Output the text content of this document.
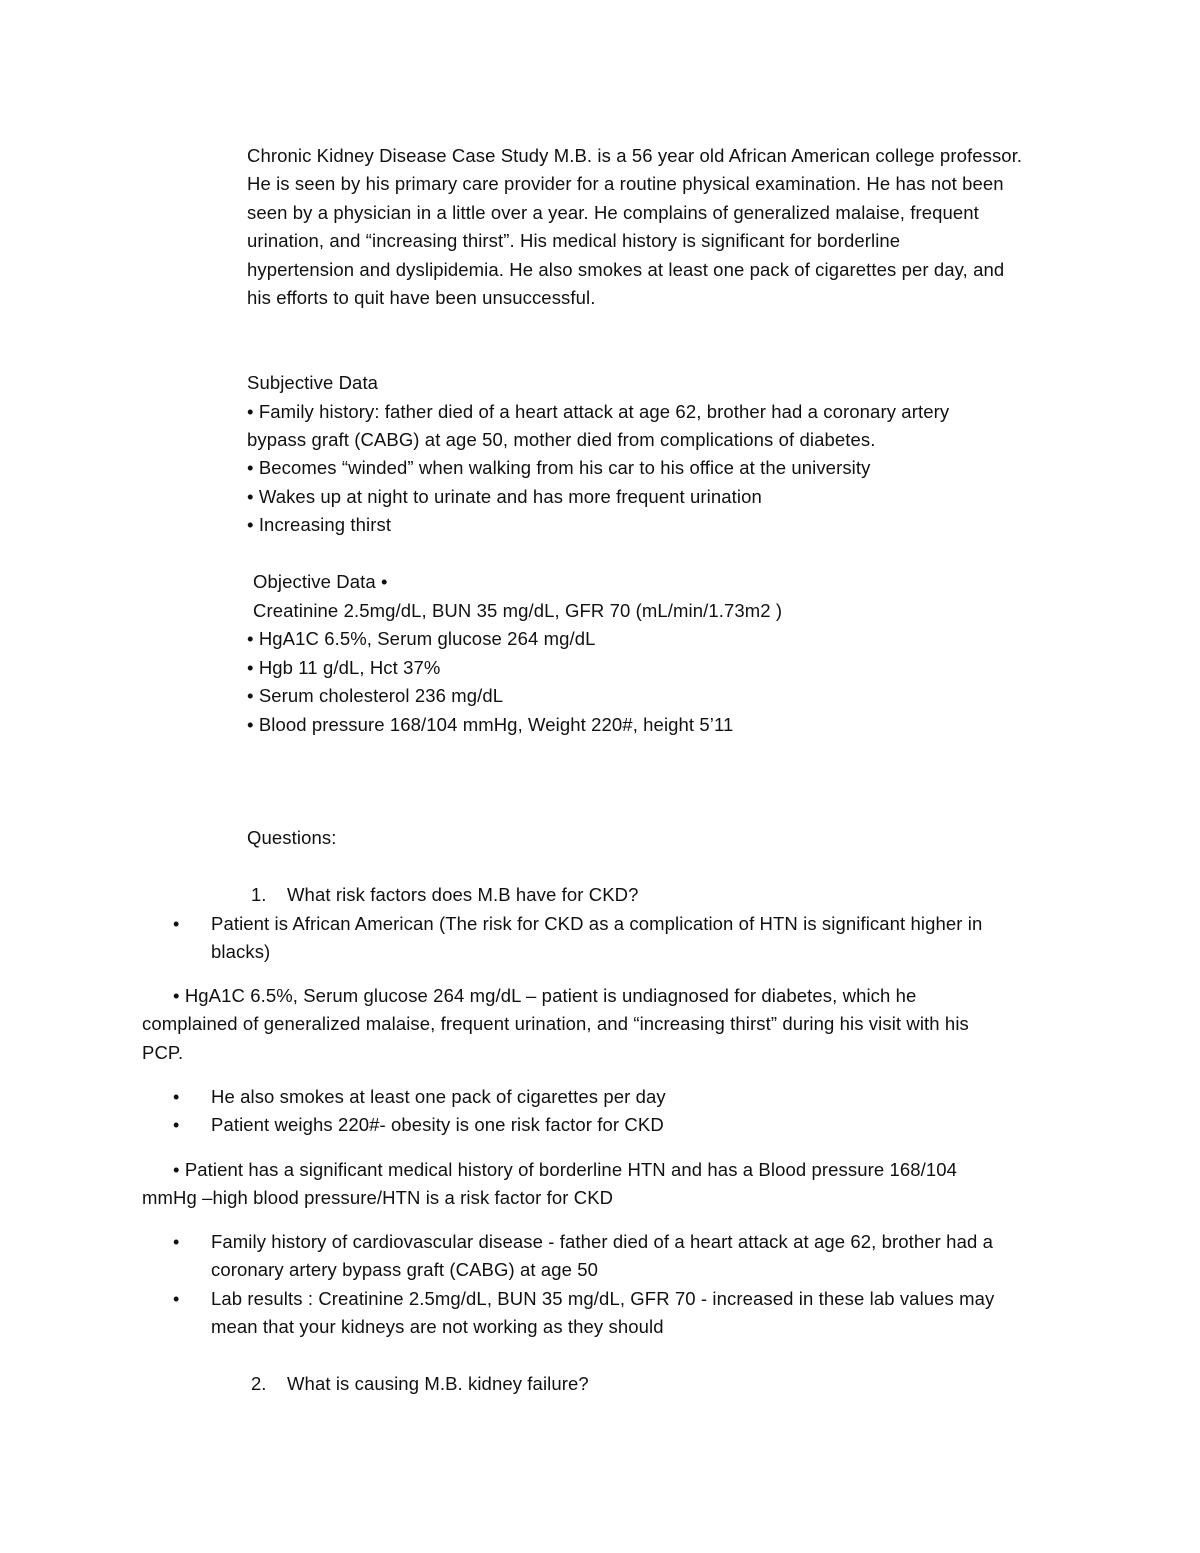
Chronic Kidney Disease Case Study M.B. is a 56 year old African American college professor.
He is seen by his primary care provider for a routine physical examination. He has not been
seen by a physician in a little over a year. He complains of generalized malaise, frequent
urination, and “increasing thirst”. His medical history is significant for borderline
hypertension and dyslipidemia. He also smokes at least one pack of cigarettes per day, and
his efforts to quit have been unsuccessful.
Subjective Data
• Family history: father died of a heart attack at age 62, brother had a coronary artery
bypass graft (CABG) at age 50, mother died from complications of diabetes.
• Becomes “winded” when walking from his car to his office at the university
• Wakes up at night to urinate and has more frequent urination
• Increasing thirst
Objective Data •
Creatinine 2.5mg/dL, BUN 35 mg/dL, GFR 70 (mL/min/1.73m2 )
• HgA1C 6.5%, Serum glucose 264 mg/dL
• Hgb 11 g/dL, Hct 37%
• Serum cholesterol 236 mg/dL
• Blood pressure 168/104 mmHg, Weight 220#, height 5’11
Questions:
1. What risk factors does M.B have for CKD?
• Patient is African American (The risk for CKD as a complication of HTN is significant higher in
blacks)
• HgA1C 6.5%, Serum glucose 264 mg/dL – patient is undiagnosed for diabetes, which he
complained of generalized malaise, frequent urination, and “increasing thirst” during his visit with his
PCP.
• He also smokes at least one pack of cigarettes per day
• Patient weighs 220#- obesity is one risk factor for CKD
• Patient has a significant medical history of borderline HTN and has a Blood pressure 168/104
mmHg –high blood pressure/HTN is a risk factor for CKD
• Family history of cardiovascular disease - father died of a heart attack at age 62, brother had a
coronary artery bypass graft (CABG) at age 50
• Lab results : Creatinine 2.5mg/dL, BUN 35 mg/dL, GFR 70 - increased in these lab values may
mean that your kidneys are not working as they should
2. What is causing M.B. kidney failure?
